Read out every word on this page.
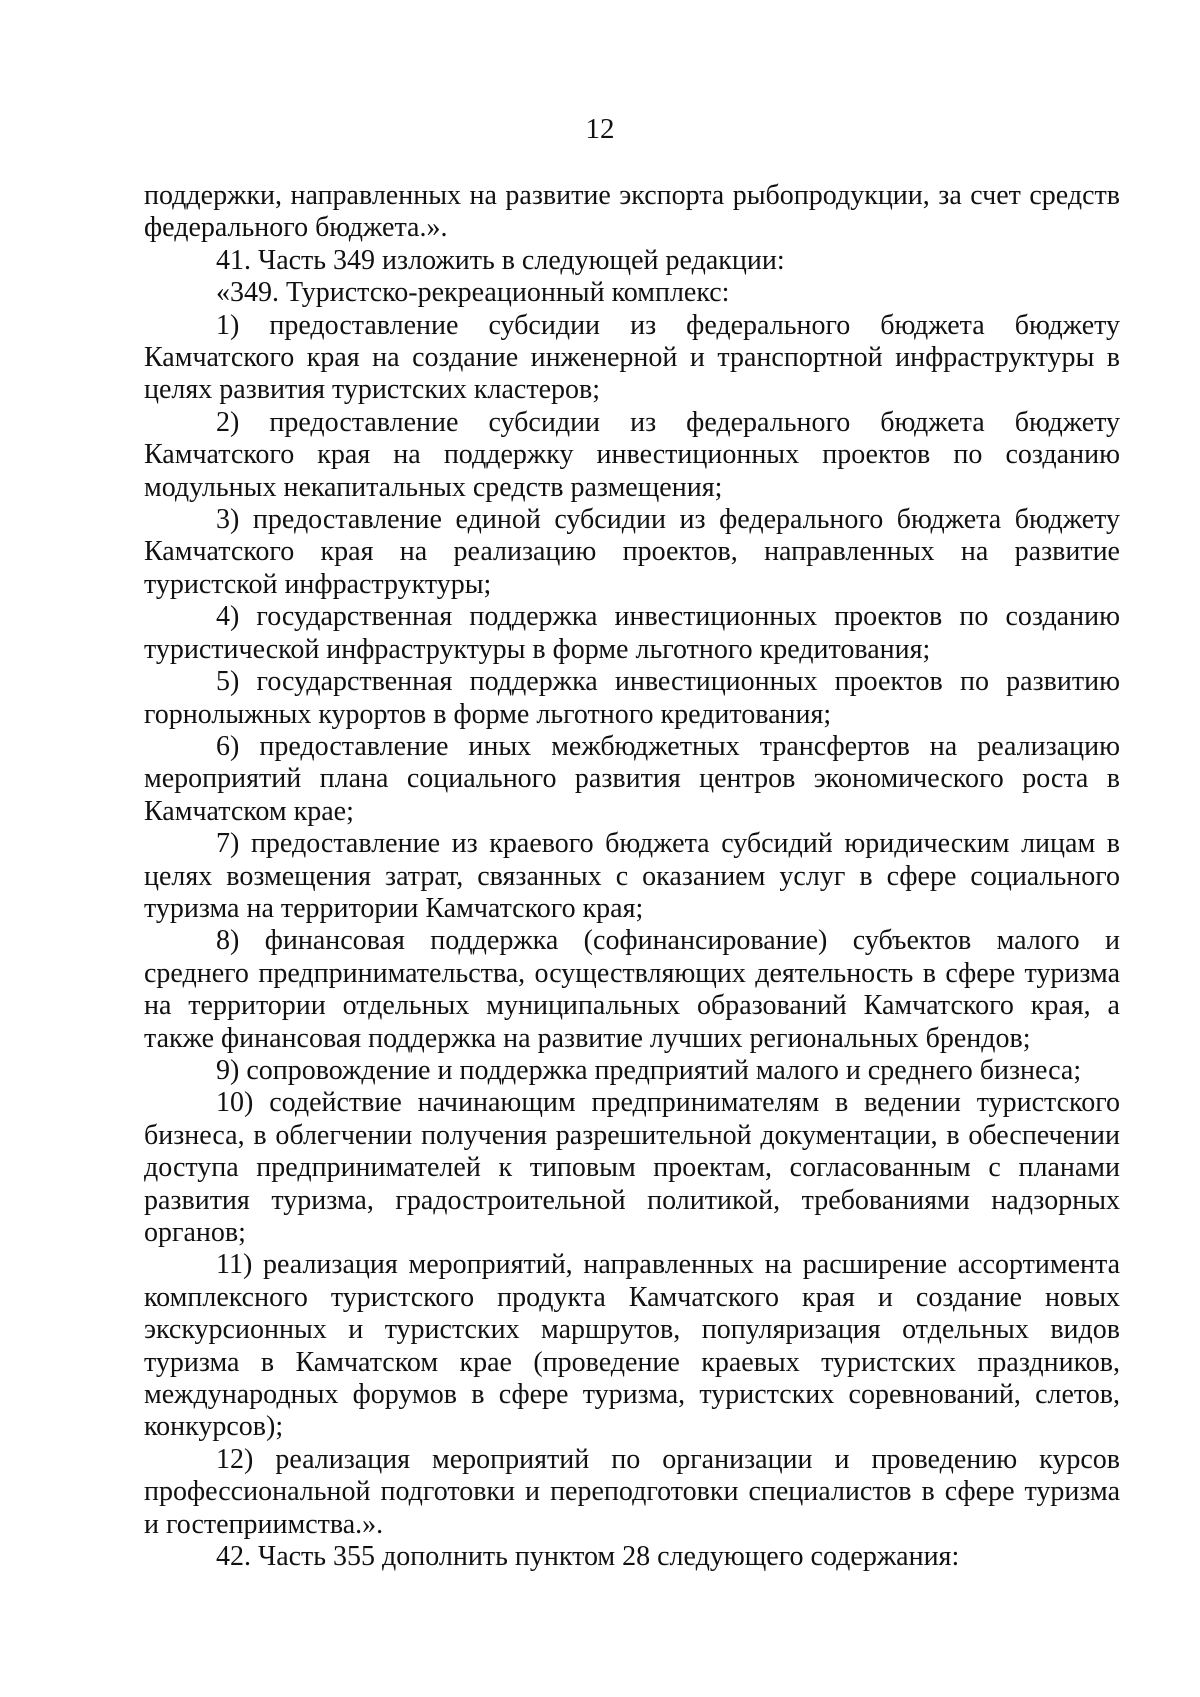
12

поддержки, направленных на развитие экспорта рыбопродукции, за счет средств федерального бюджета.».

41. Часть 349 изложить в следующей редакции:

«349. Туристско-рекреационный комплекс:

1) предоставление субсидии из федерального бюджета бюджету Камчатского края на создание инженерной и транспортной инфраструктуры в целях развития туристских кластеров;

2) предоставление субсидии из федерального бюджета бюджету Камчатского края на поддержку инвестиционных проектов по созданию модульных некапитальных средств размещения;

3) предоставление единой субсидии из федерального бюджета бюджету Камчатского края на реализацию проектов, направленных на развитие туристской инфраструктуры;

4) государственная поддержка инвестиционных проектов по созданию туристической инфраструктуры в форме льготного кредитования;

5) государственная поддержка инвестиционных проектов по развитию горнолыжных курортов в форме льготного кредитования;

6) предоставление иных межбюджетных трансфертов на реализацию мероприятий плана социального развития центров экономического роста в Камчатском крае;

7) предоставление из краевого бюджета субсидий юридическим лицам в целях возмещения затрат, связанных с оказанием услуг в сфере социального туризма на территории Камчатского края;

8) финансовая поддержка (софинансирование) субъектов малого и среднего предпринимательства, осуществляющих деятельность в сфере туризма на территории отдельных муниципальных образований Камчатского края, а также финансовая поддержка на развитие лучших региональных брендов;

9) сопровождение и поддержка предприятий малого и среднего бизнеса;

10) содействие начинающим предпринимателям в ведении туристского бизнеса, в облегчении получения разрешительной документации, в обеспечении доступа предпринимателей к типовым проектам, согласованным с планами развития туризма, градостроительной политикой, требованиями надзорных органов;

11) реализация мероприятий, направленных на расширение ассортимента комплексного туристского продукта Камчатского края и создание новых экскурсионных и туристских маршрутов, популяризация отдельных видов туризма в Камчатском крае (проведение краевых туристских праздников, международных форумов в сфере туризма, туристских соревнований, слетов, конкурсов);

12) реализация мероприятий по организации и проведению курсов профессиональной подготовки и переподготовки специалистов в сфере туризма и гостеприимства.».

42. Часть 355 дополнить пунктом 28 следующего содержания:
